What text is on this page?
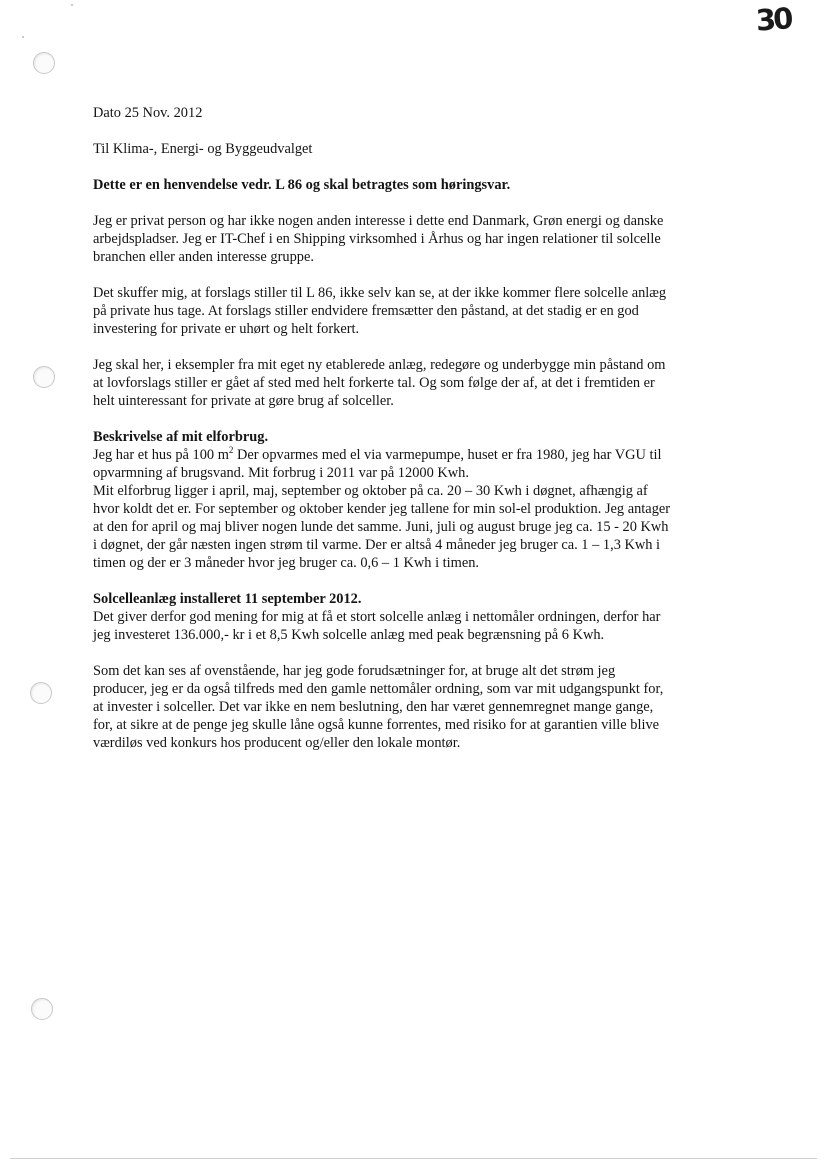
30

Dato 25 Nov. 2012

Til Klima-, Energi- og Byggeudvalget

Dette er en henvendelse vedr. L 86 og skal betragtes som høringsvar.

Jeg er privat person og har ikke nogen anden interesse i dette end Danmark, Grøn energi og danske
arbejdspladser. Jeg er IT-Chef i en Shipping virksomhed i Århus og har ingen relationer til solcelle
branchen eller anden interesse gruppe.

Det skuffer mig, at forslags stiller til L 86, ikke selv kan se, at der ikke kommer flere solcelle anlæg
på private hus tage. At forslags stiller endvidere fremsætter den påstand, at det stadig er en god
investering for private er uhørt og helt forkert.

Jeg skal her, i eksempler fra mit eget ny etablerede anlæg, redegøre og underbygge min påstand om
at lovforslags stiller er gået af sted med helt forkerte tal. Og som følge der af, at det i fremtiden er
helt uinteressant for private at gøre brug af solceller.

Beskrivelse af mit elforbrug.
Jeg har et hus på 100 $m^2$ Der opvarmes med el via varmepumpe, huset er fra 1980, jeg har VGU til
opvarmning af brugsvand. Mit forbrug i 2011 var på 12000 Kwh.
Mit elforbrug ligger i april, maj, september og oktober på ca. 20 – 30 Kwh i døgnet, afhængig af
hvor koldt det er. For september og oktober kender jeg tallene for min sol-el produktion. Jeg antager
at den for april og maj bliver nogen lunde det samme. Juni, juli og august bruge jeg ca. 15 - 20 Kwh
i døgnet, der går næsten ingen strøm til varme. Der er altså 4 måneder jeg bruger ca. 1 – 1,3 Kwh i
timen og der er 3 måneder hvor jeg bruger ca. 0,6 – 1 Kwh i timen.

Solcelleanlæg installeret 11 september 2012.
Det giver derfor god mening for mig at få et stort solcelle anlæg i nettomåler ordningen, derfor har
jeg investeret 136.000,- kr i et 8,5 Kwh solcelle anlæg med peak begrænsning på 6 Kwh.

Som det kan ses af ovenstående, har jeg gode forudsætninger for, at bruge alt det strøm jeg
producer, jeg er da også tilfreds med den gamle nettomåler ordning, som var mit udgangspunkt for,
at invester i solceller. Det var ikke en nem beslutning, den har været gennemregnet mange gange,
for, at sikre at de penge jeg skulle låne også kunne forrentes, med risiko for at garantien ville blive
værdiløs ved konkurs hos producent og/eller den lokale montør.
